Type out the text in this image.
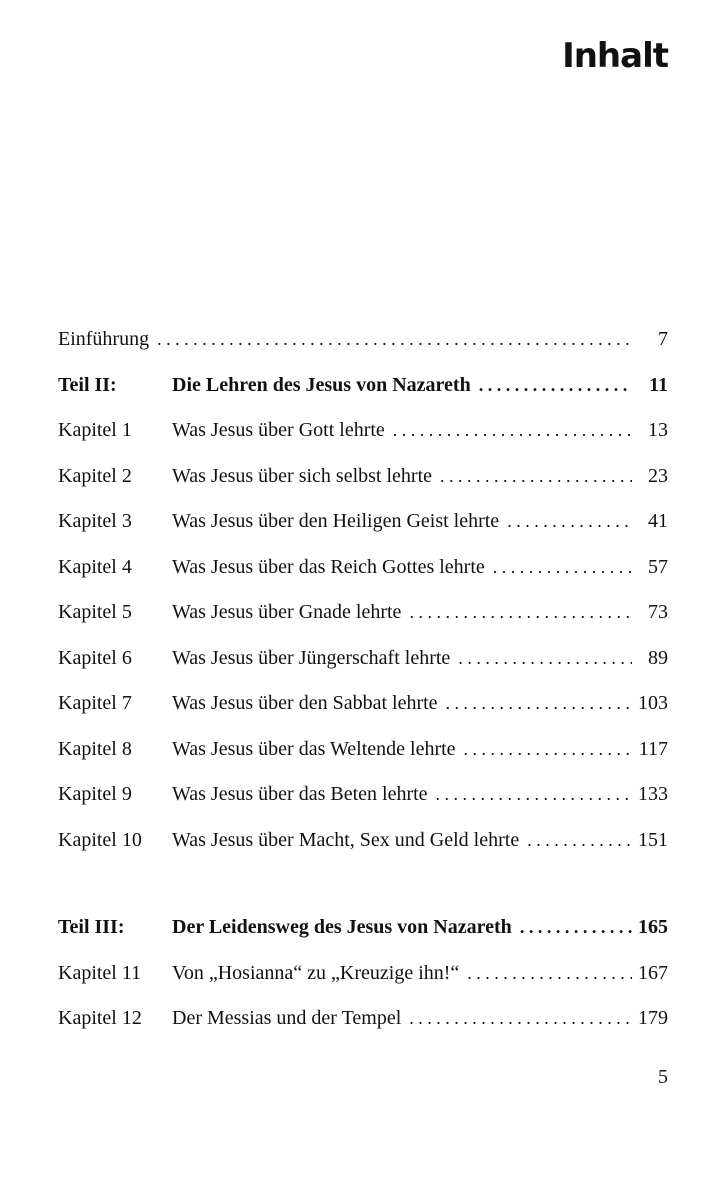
Inhalt
Einführung . . .	7
Teil II:	Die Lehren des Jesus von Nazareth . . .	11
Kapitel 1	Was Jesus über Gott lehrte . . .	13
Kapitel 2	Was Jesus über sich selbst lehrte . . .	23
Kapitel 3	Was Jesus über den Heiligen Geist lehrte . . .	41
Kapitel 4	Was Jesus über das Reich Gottes lehrte . . .	57
Kapitel 5	Was Jesus über Gnade lehrte . . .	73
Kapitel 6	Was Jesus über Jüngerschaft lehrte . . .	89
Kapitel 7	Was Jesus über den Sabbat lehrte . . .	103
Kapitel 8	Was Jesus über das Weltende lehrte . . .	117
Kapitel 9	Was Jesus über das Beten lehrte . . .	133
Kapitel 10	Was Jesus über Macht, Sex und Geld lehrte . . .	151
Teil III:	Der Leidensweg des Jesus von Nazareth . . .	165
Kapitel 11	Von „Hosianna“ zu „Kreuzige ihn!“ . . .	167
Kapitel 12	Der Messias und der Tempel . . .	179
5
